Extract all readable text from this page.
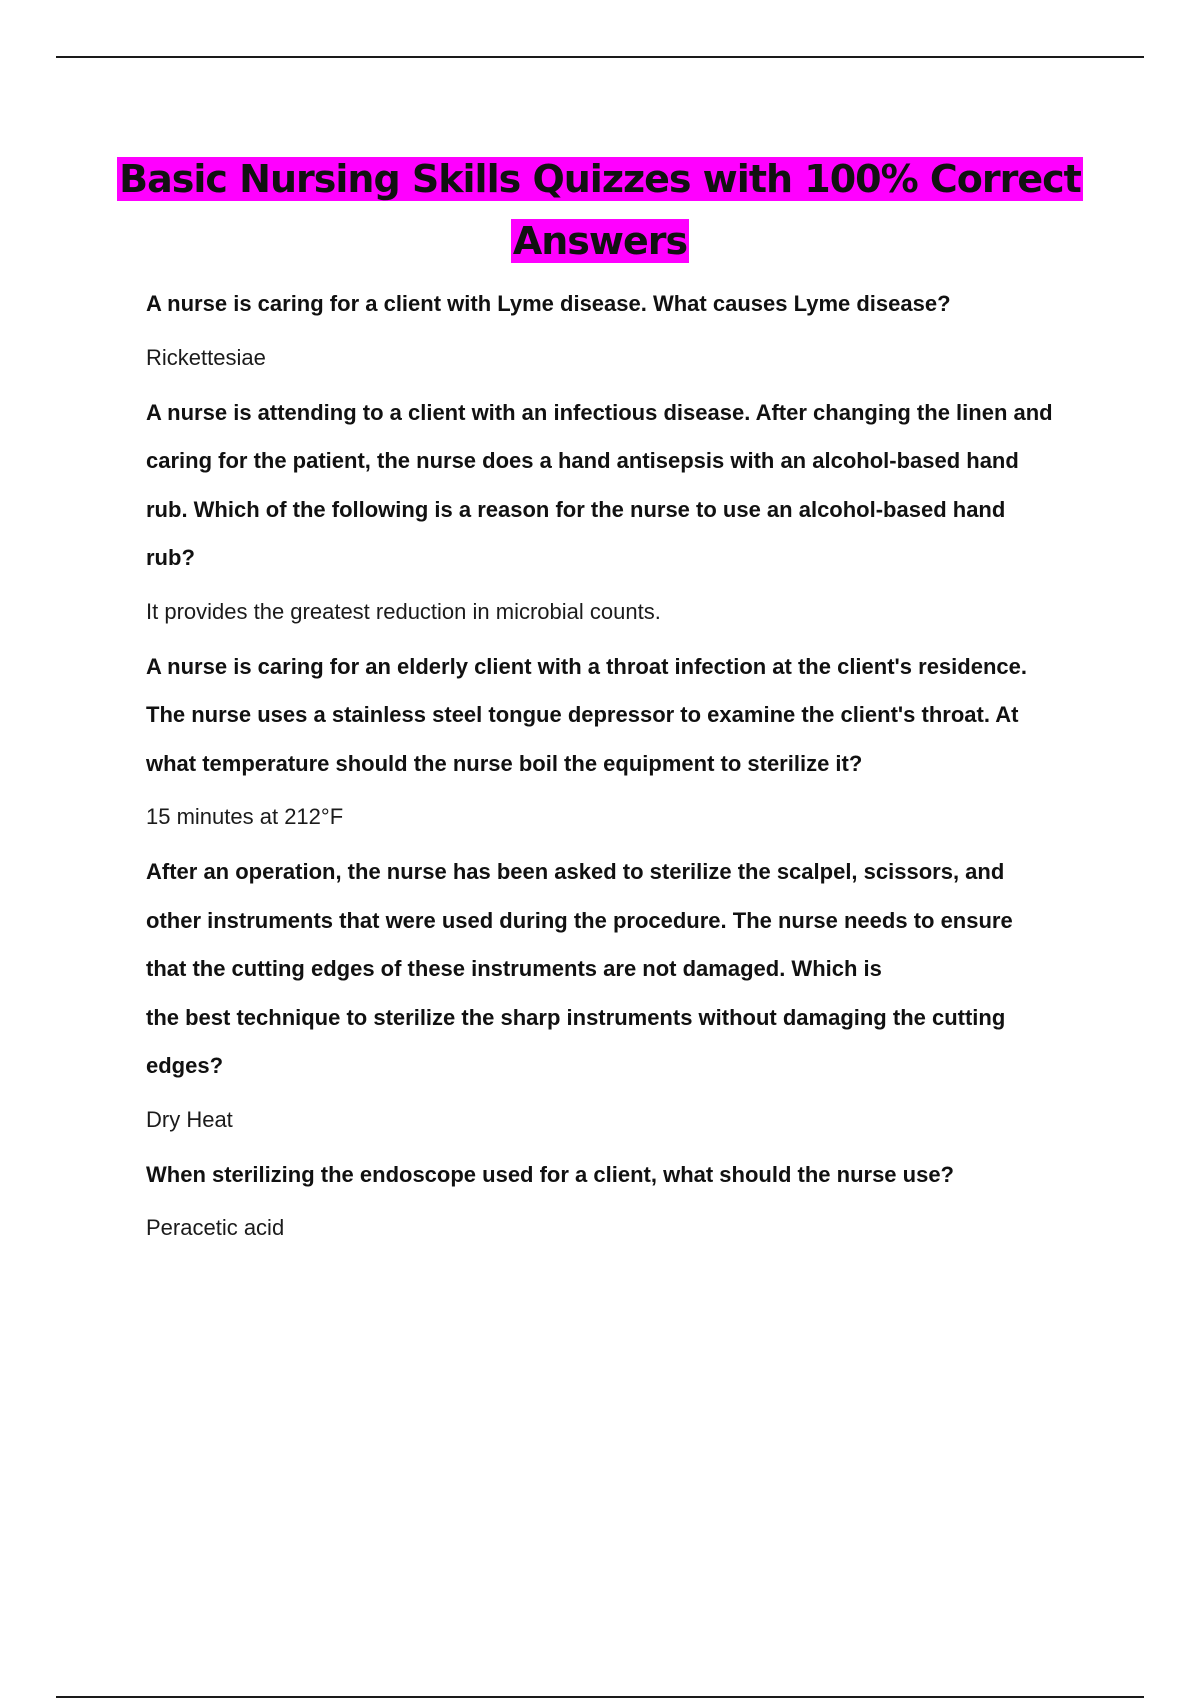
Basic Nursing Skills Quizzes with 100% Correct
Answers

A nurse is caring for a client with Lyme disease. What causes Lyme disease?

Rickettesiae

A nurse is attending to a client with an infectious disease. After changing the linen and
caring for the patient, the nurse does a hand antisepsis with an alcohol-based hand
rub. Which of the following is a reason for the nurse to use an alcohol-based hand
rub?

It provides the greatest reduction in microbial counts.

A nurse is caring for an elderly client with a throat infection at the client's residence.
The nurse uses a stainless steel tongue depressor to examine the client's throat. At
what temperature should the nurse boil the equipment to sterilize it?

15 minutes at 212°F

After an operation, the nurse has been asked to sterilize the scalpel, scissors, and
other instruments that were used during the procedure. The nurse needs to ensure
that the cutting edges of these instruments are not damaged. Which is
the best technique to sterilize the sharp instruments without damaging the cutting
edges?

Dry Heat

When sterilizing the endoscope used for a client, what should the nurse use?

Peracetic acid
